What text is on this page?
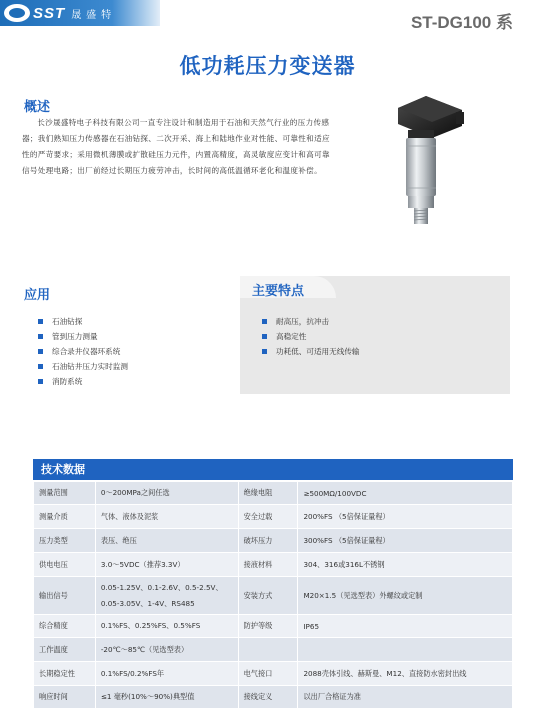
SST 晟盛特	ST-DG100 系
低功耗压力变送器
概述

长沙晟盛特电子科技有限公司一直专注设计和制造用于石油和天然气行业的压力传感器；我们熟知压力传感器在石油钻探、二次开采、海上和陆地作业对性能、可靠性和适应性的严苛要求；采用微机薄膜或扩散硅压力元件，内置高精度，高灵敏度应变计和高可靠信号处理电路；出厂前经过长期压力疲劳冲击，长时间的高低温循环老化和温度补偿。

应用
石油钻探
管到压力测量
综合录井仪器环系统
石油钻井压力实时监测
消防系统
主要特点
耐高压，抗冲击
高稳定性
功耗低、可适用无线传输
技术数据
测量范围	0～200MPa之间任选	绝缘电阻	≥500MΩ/100VDC
测量介质	气体、液体及泥浆	安全过载	200%FS （5倍保证量程）
压力类型	表压、绝压	破坏压力	300%FS （5倍保证量程）
供电电压	3.0～5VDC（推荐3.3V）	接液材料	304、316或316L不锈钢
输出信号	0.05-1.25V、0.1-2.6V、0.5-2.5V、
0.05-3.05V、1-4V、RS485	安装方式	M20×1.5（见选型表）外螺纹或定制
综合精度	0.1%FS、0.25%FS、0.5%FS	防护等级	IP65
工作温度	-20℃～85℃（见选型表）		
长期稳定性	0.1%FS/0.2%FS年	电气接口	2088壳体引线、赫斯曼、M12、直接防水密封出线
响应时间	≤1 毫秒(10%～90%)典型值	接线定义	以出厂合格证为准
